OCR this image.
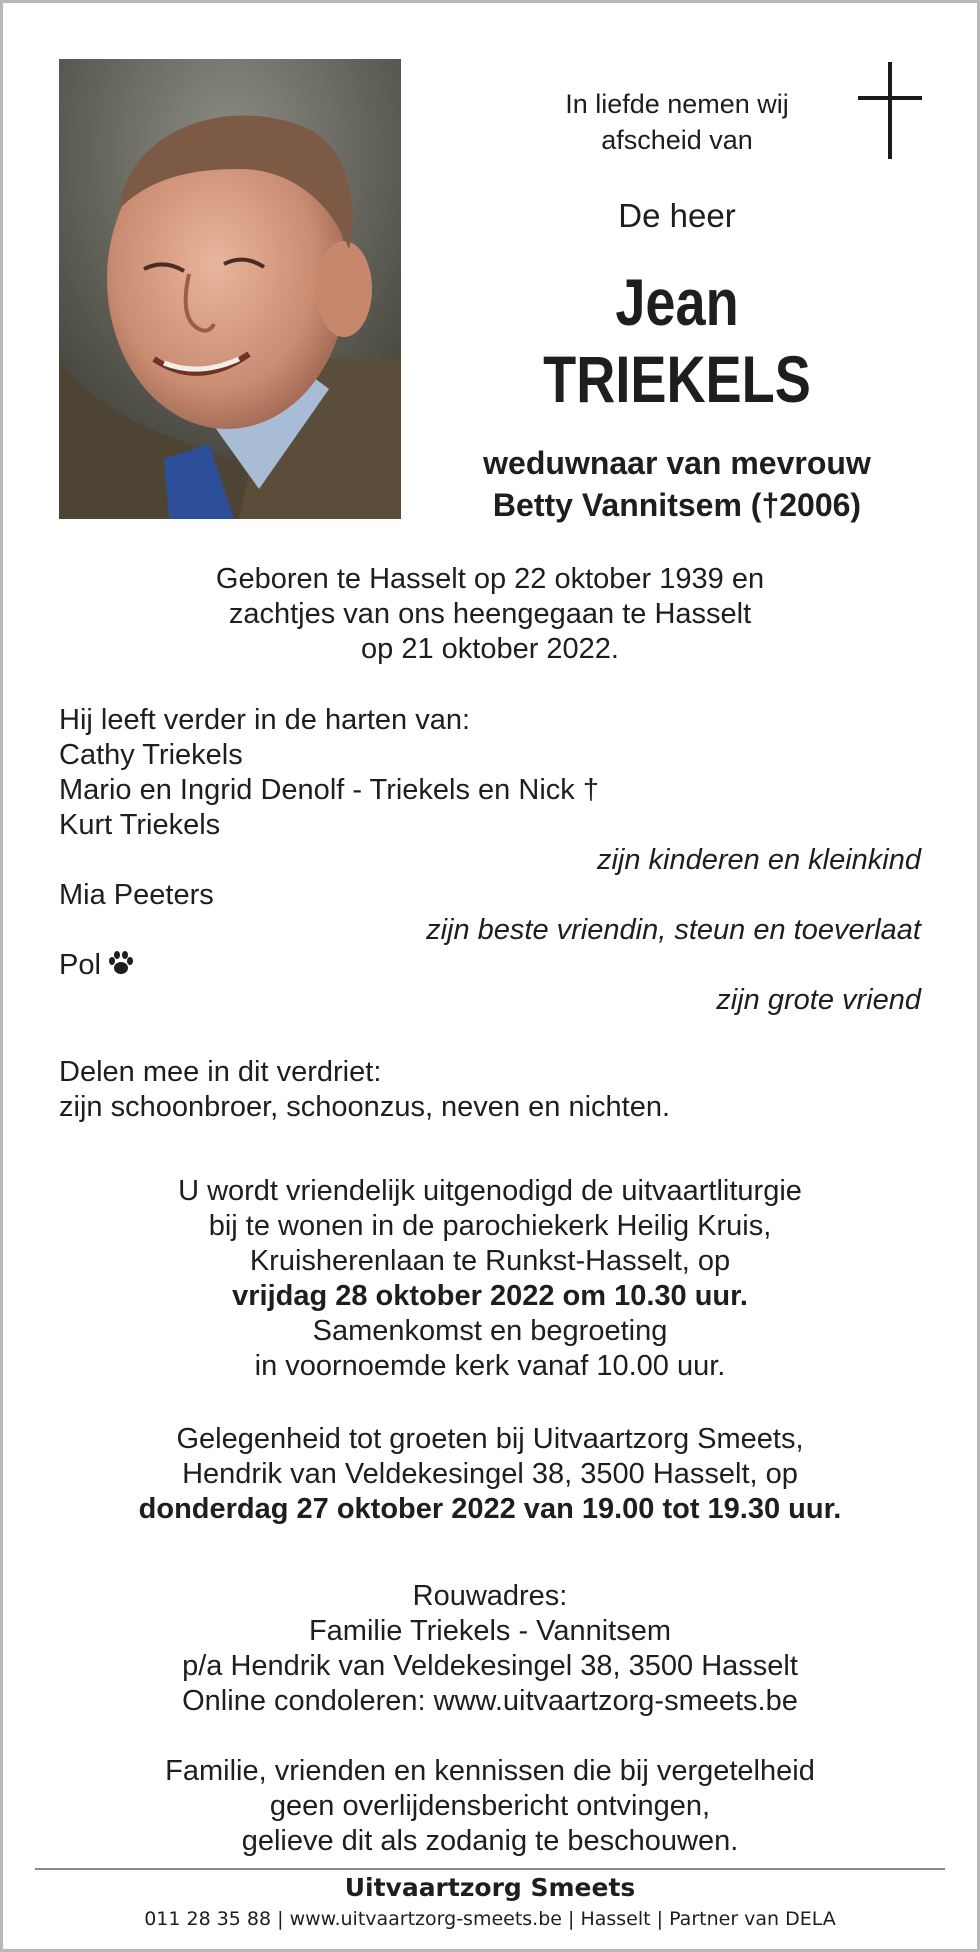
In liefde nemen wij
afscheid van
De heer
Jean
TRIEKELS
weduwnaar van mevrouw
Betty Vannitsem (†2006)
Geboren te Hasselt op 22 oktober 1939 en
zachtjes van ons heengegaan te Hasselt
op 21 oktober 2022.
Hij leeft verder in de harten van:
Cathy Triekels
Mario en Ingrid Denolf - Triekels en Nick †
Kurt Triekels
zijn kinderen en kleinkind
Mia Peeters
zijn beste vriendin, steun en toeverlaat
Pol
zijn grote vriend
Delen mee in dit verdriet:
zijn schoonbroer, schoonzus, neven en nichten.
U wordt vriendelijk uitgenodigd de uitvaartliturgie
bij te wonen in de parochiekerk Heilig Kruis,
Kruisherenlaan te Runkst-Hasselt, op
vrijdag 28 oktober 2022 om 10.30 uur.
Samenkomst en begroeting
in voornoemde kerk vanaf 10.00 uur.
Gelegenheid tot groeten bij Uitvaartzorg Smeets,
Hendrik van Veldekesingel 38, 3500 Hasselt, op
donderdag 27 oktober 2022 van 19.00 tot 19.30 uur.
Rouwadres:
Familie Triekels - Vannitsem
p/a Hendrik van Veldekesingel 38, 3500 Hasselt
Online condoleren: www.uitvaartzorg-smeets.be
Familie, vrienden en kennissen die bij vergetelheid
geen overlijdensbericht ontvingen,
gelieve dit als zodanig te beschouwen.
Uitvaartzorg Smeets
011 28 35 88 | www.uitvaartzorg-smeets.be | Hasselt | Partner van DELA
